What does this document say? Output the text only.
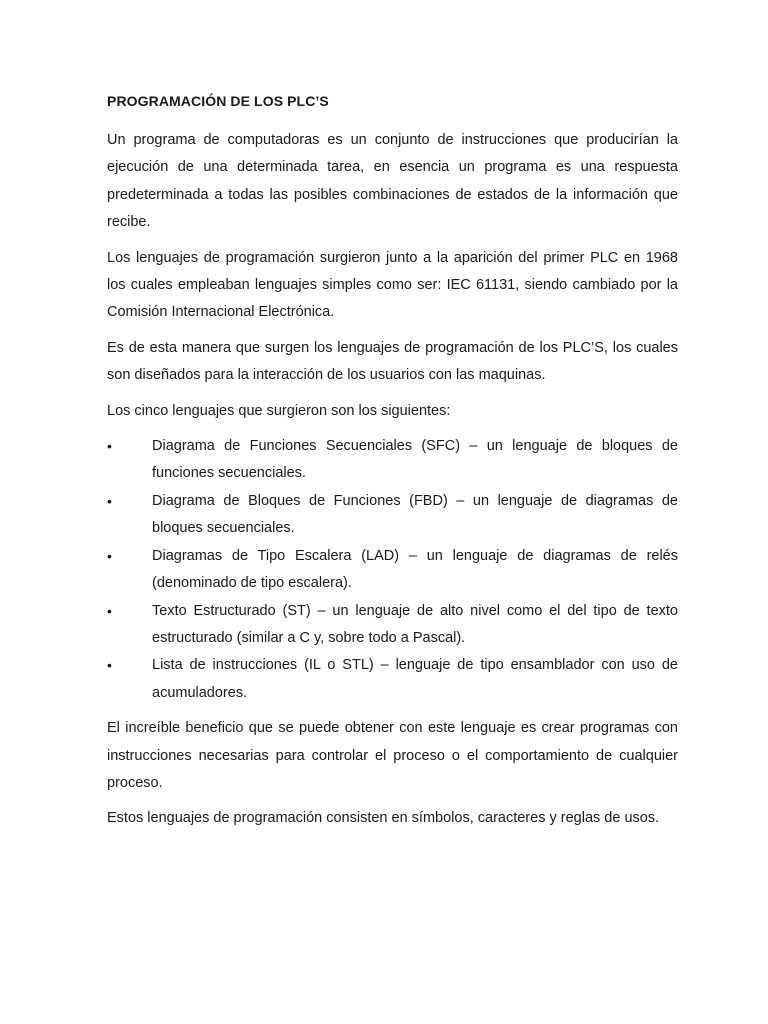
PROGRAMACIÓN DE LOS PLC’S

Un programa de computadoras es un conjunto de instrucciones que producirían la ejecución de una determinada tarea, en esencia un programa es una respuesta predeterminada a todas las posibles combinaciones de estados de la información que recibe.

Los lenguajes de programación surgieron junto a la aparición del primer PLC en 1968 los cuales empleaban lenguajes simples como ser: IEC 61131, siendo cambiado por la Comisión Internacional Electrónica.

Es de esta manera que surgen los lenguajes de programación de los PLC’S, los cuales son diseñados para la interacción de los usuarios con las maquinas.

Los cinco lenguajes que surgieron son los siguientes:

•	Diagrama de Funciones Secuenciales (SFC) – un lenguaje de bloques de funciones secuenciales.
•	Diagrama de Bloques de Funciones (FBD) – un lenguaje de diagramas de bloques secuenciales.
•	Diagramas de Tipo Escalera (LAD) – un lenguaje de diagramas de relés (denominado de tipo escalera).
•	Texto Estructurado (ST) – un lenguaje de alto nivel como el del tipo de texto estructurado (similar a C y, sobre todo a Pascal).
•	Lista de instrucciones (IL o STL) – lenguaje de tipo ensamblador con uso de acumuladores.

El increíble beneficio que se puede obtener con este lenguaje es crear programas con instrucciones necesarias para controlar el proceso o el comportamiento de cualquier proceso.

Estos lenguajes de programación consisten en símbolos, caracteres y reglas de usos.
